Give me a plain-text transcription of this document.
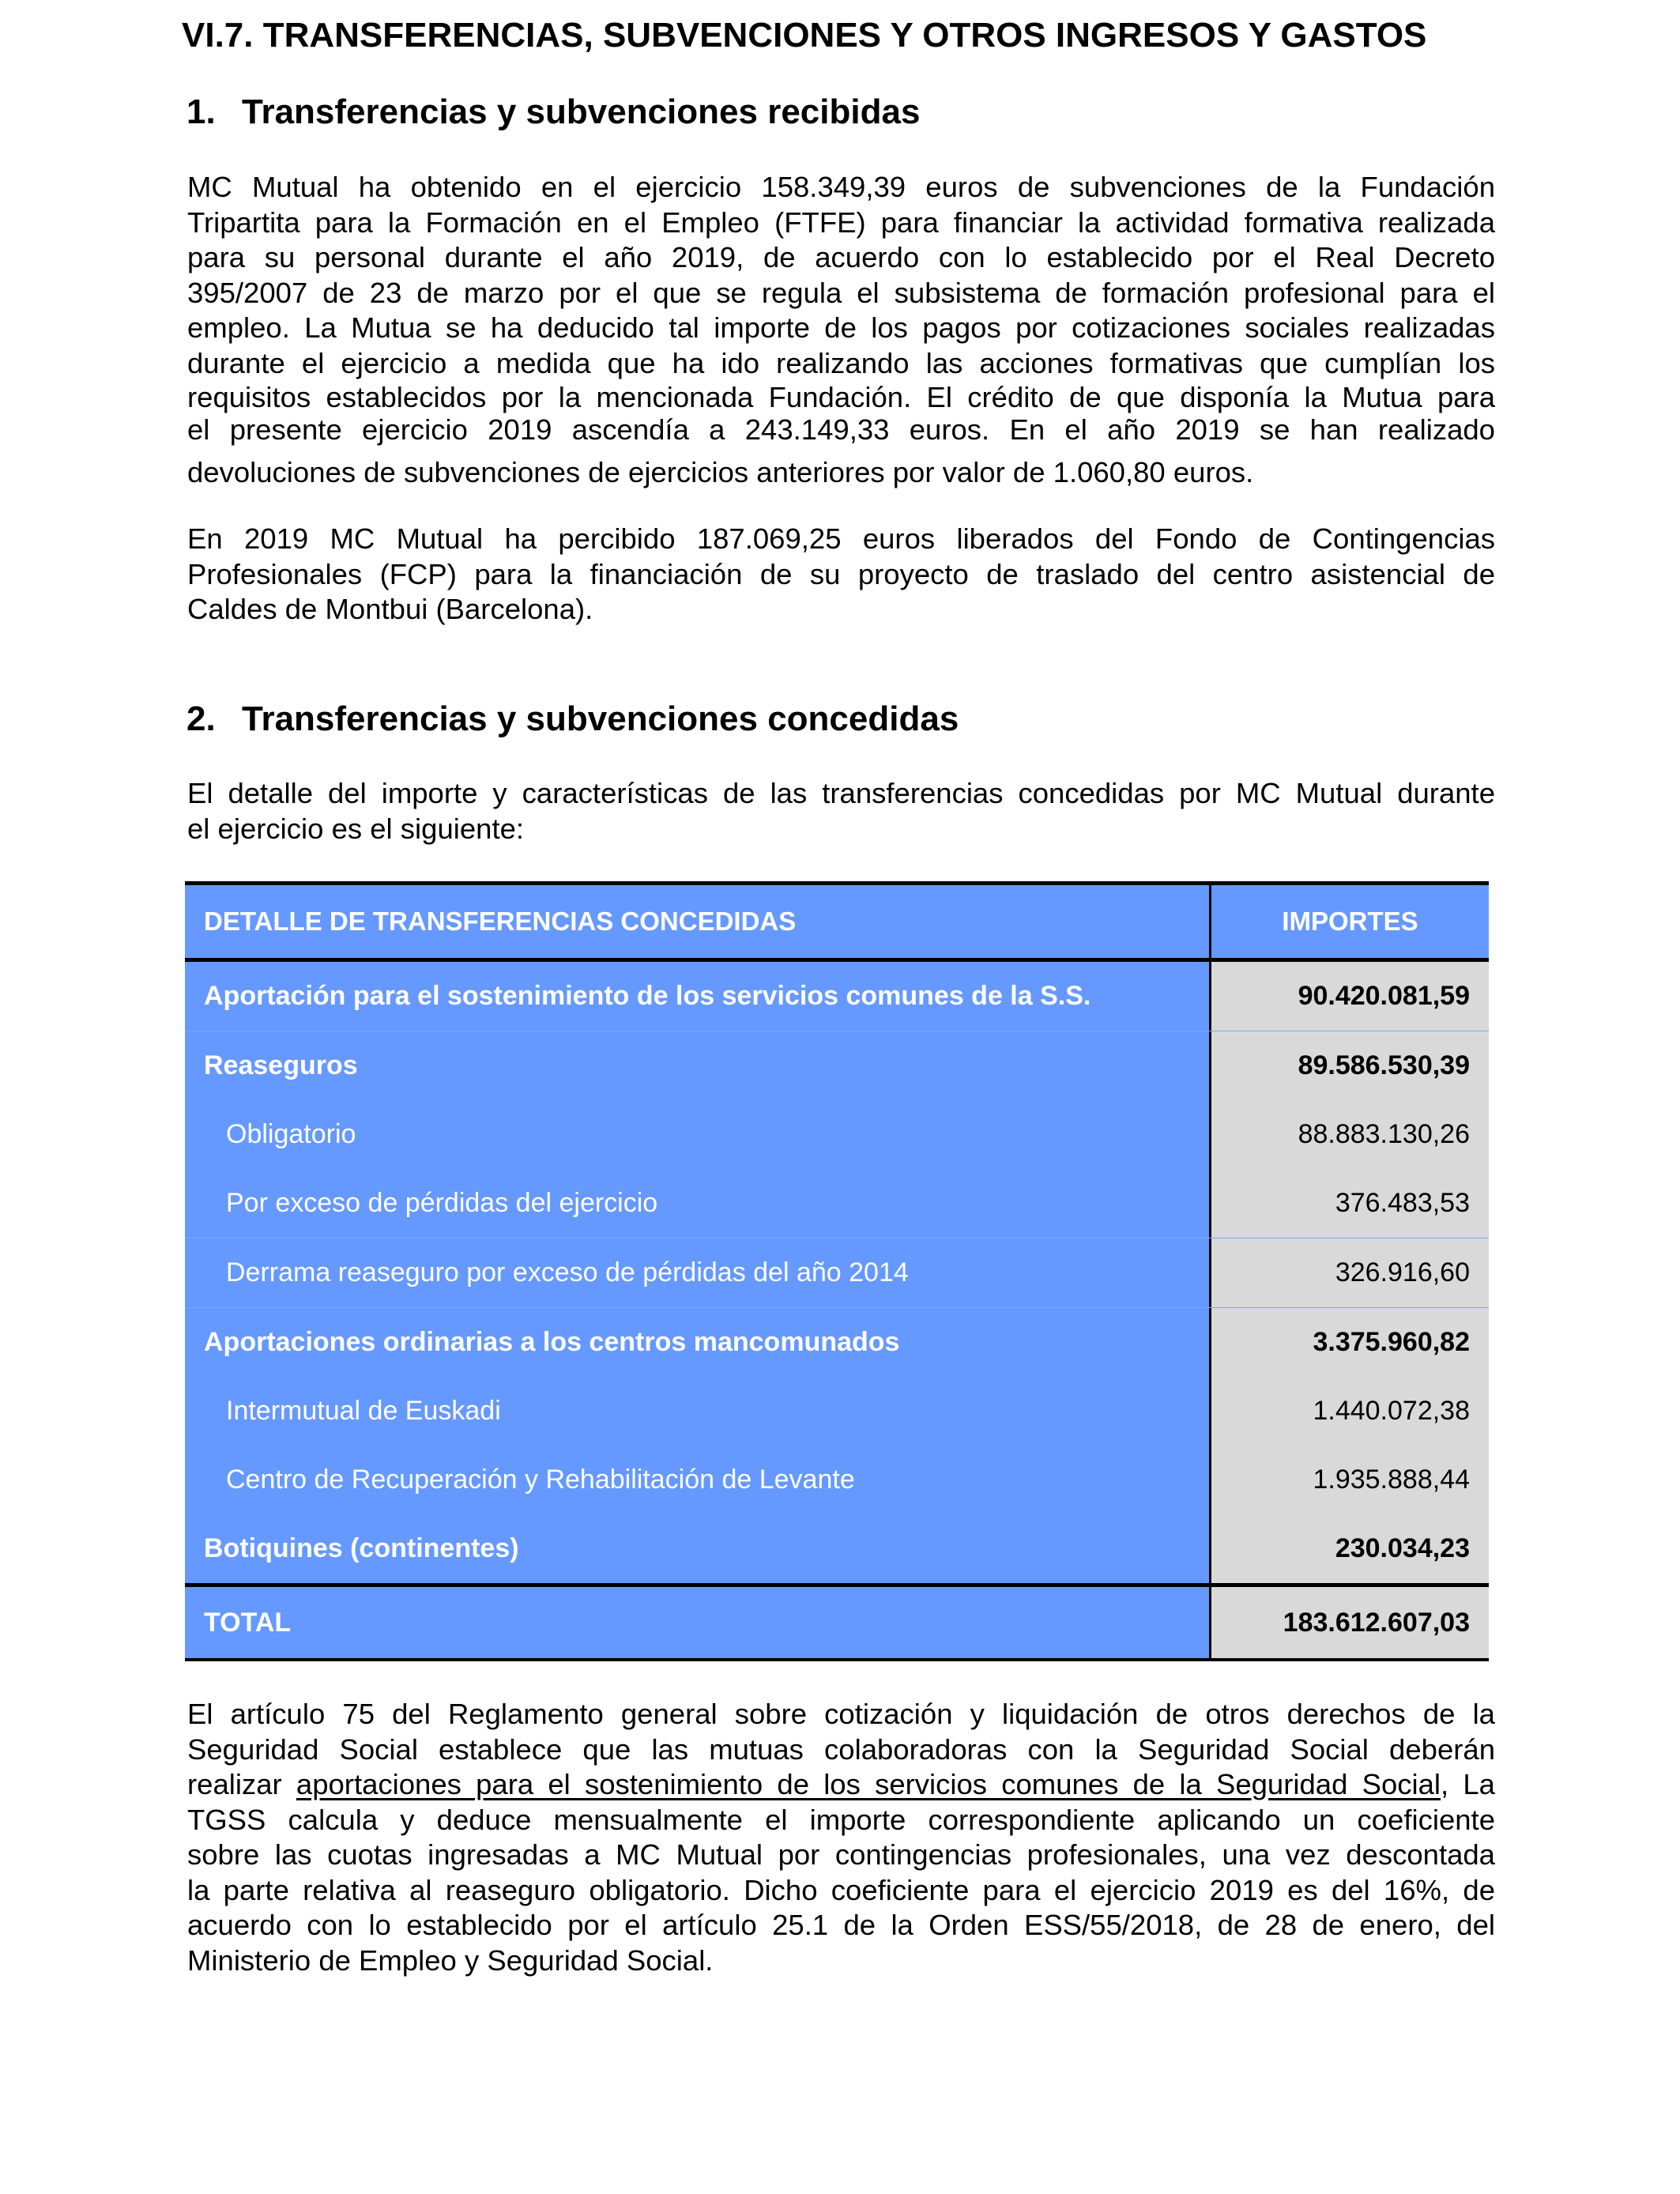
VI.7. TRANSFERENCIAS, SUBVENCIONES Y OTROS INGRESOS Y GASTOS
1. Transferencias y subvenciones recibidas

MC Mutual ha obtenido en el ejercicio 158.349,39 euros de subvenciones de la Fundación

Tripartita para la Formación en el Empleo (FTFE) para financiar la actividad formativa realizada

para su personal durante el año 2019, de acuerdo con lo establecido por el Real Decreto

395/2007 de 23 de marzo por el que se regula el subsistema de formación profesional para el

empleo. La Mutua se ha deducido tal importe de los pagos por cotizaciones sociales realizadas

durante el ejercicio a medida que ha ido realizando las acciones formativas que cumplían los

requisitos establecidos por la mencionada Fundación. El crédito de que disponía la Mutua para

el presente ejercicio 2019 ascendía a 243.149,33 euros. En el año 2019 se han realizado

devoluciones de subvenciones de ejercicios anteriores por valor de 1.060,80 euros.

En 2019 MC Mutual ha percibido 187.069,25 euros liberados del Fondo de Contingencias

Profesionales (FCP) para la financiación de su proyecto de traslado del centro asistencial de

Caldes de Montbui (Barcelona).

2. Transferencias y subvenciones concedidas

El detalle del importe y características de las transferencias concedidas por MC Mutual durante

el ejercicio es el siguiente:

DETALLE DE TRANSFERENCIAS CONCEDIDAS	IMPORTES
Aportación para el sostenimiento de los servicios comunes de la S.S.	90.420.081,59
Reaseguros	89.586.530,39
Obligatorio	88.883.130,26
Por exceso de pérdidas del ejercicio	376.483,53
Derrama reaseguro por exceso de pérdidas del año 2014	326.916,60
Aportaciones ordinarias a los centros mancomunados	3.375.960,82
Intermutual de Euskadi	1.440.072,38
Centro de Recuperación y Rehabilitación de Levante	1.935.888,44
Botiquines (continentes)	230.034,23
TOTAL	183.612.607,03

El artículo 75 del Reglamento general sobre cotización y liquidación de otros derechos de la

Seguridad Social establece que las mutuas colaboradoras con la Seguridad Social deberán

realizar aportaciones para el sostenimiento de los servicios comunes de la Seguridad Social, La

TGSS calcula y deduce mensualmente el importe correspondiente aplicando un coeficiente

sobre las cuotas ingresadas a MC Mutual por contingencias profesionales, una vez descontada

la parte relativa al reaseguro obligatorio. Dicho coeficiente para el ejercicio 2019 es del 16%, de

acuerdo con lo establecido por el artículo 25.1 de la Orden ESS/55/2018, de 28 de enero, del

Ministerio de Empleo y Seguridad Social.
